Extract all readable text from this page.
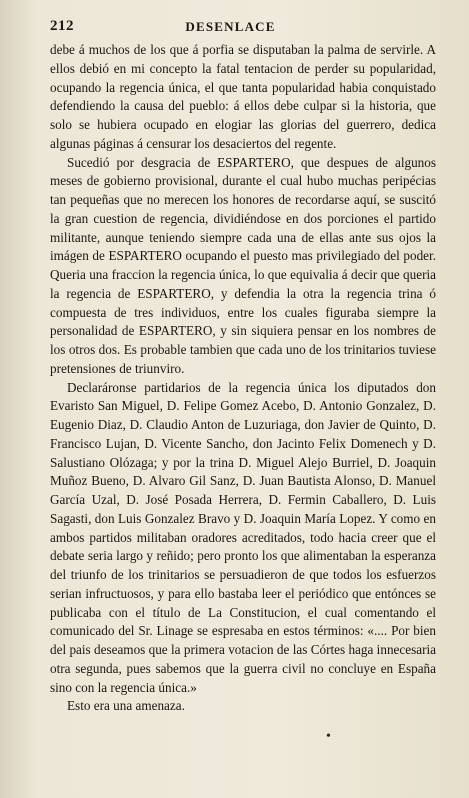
212	DESENLACE

debe á muchos de los que á porfia se disputaban la palma de servirle. A ellos debió en mi concepto la fatal tentacion de perder su popularidad, ocupando la regencia única, el que tanta popularidad habia conquistado defendiendo la causa del pueblo: á ellos debe culpar si la historia, que solo se hubiera ocupado en elogiar las glorias del guerrero, dedica algunas páginas á censurar los desaciertos del regente.

Sucedió por desgracia de ESPARTERO, que despues de algunos meses de gobierno provisional, durante el cual hubo muchas peripécias tan pequeñas que no merecen los honores de recordarse aquí, se suscitó la gran cuestion de regencia, dividiéndose en dos porciones el partido militante, aunque teniendo siempre cada una de ellas ante sus ojos la imágen de ESPARTERO ocupando el puesto mas privilegiado del poder. Queria una fraccion la regencia única, lo que equivalia á decir que queria la regencia de ESPARTERO, y defendia la otra la regencia trina ó compuesta de tres individuos, entre los cuales figuraba siempre la personalidad de ESPARTERO, y sin siquiera pensar en los nombres de los otros dos. Es probable tambien que cada uno de los trinitarios tuviese pretensiones de triunviro.

Declaráronse partidarios de la regencia única los diputados don Evaristo San Miguel, D. Felipe Gomez Acebo, D. Antonio Gonzalez, D. Eugenio Diaz, D. Claudio Anton de Luzuriaga, don Javier de Quinto, D. Francisco Lujan, D. Vicente Sancho, don Jacinto Felix Domenech y D. Salustiano Olózaga; y por la trina D. Miguel Alejo Burriel, D. Joaquin Muñoz Bueno, D. Alvaro Gil Sanz, D. Juan Bautista Alonso, D. Manuel García Uzal, D. José Posada Herrera, D. Fermin Caballero, D. Luis Sagasti, don Luis Gonzalez Bravo y D. Joaquin María Lopez. Y como en ambos partidos militaban oradores acreditados, todo hacia creer que el debate seria largo y reñido; pero pronto los que alimentaban la esperanza del triunfo de los trinitarios se persuadieron de que todos los esfuerzos serian infructuosos, y para ello bastaba leer el periódico que entónces se publicaba con el título de La Constitucion, el cual comentando el comunicado del Sr. Linage se espresaba en estos términos: «.... Por bien del pais deseamos que la primera votacion de las Córtes haga innecesaria otra segunda, pues sabemos que la guerra civil no concluye en España sino con la regencia única.»

Esto era una amenaza.

•
